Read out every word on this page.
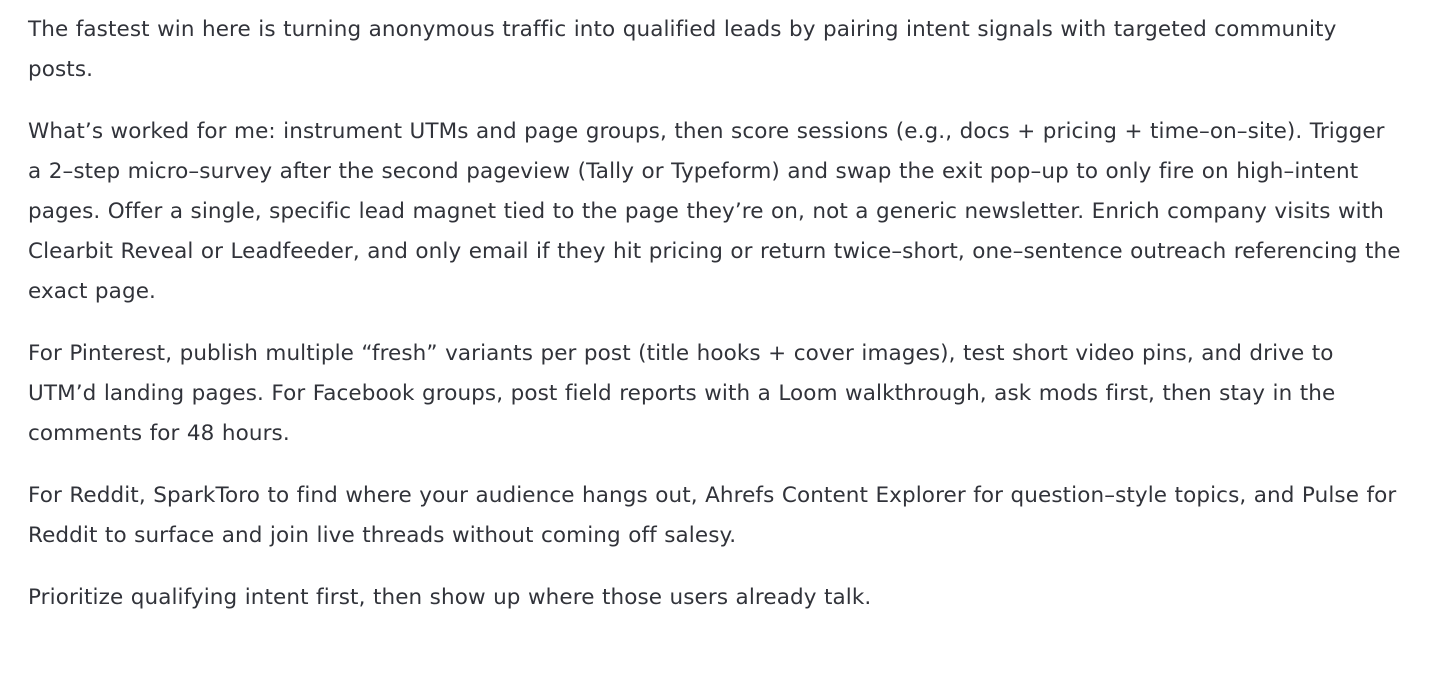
The fastest win here is turning anonymous traffic into qualified leads by pairing intent signals with targeted community posts.

What’s worked for me: instrument UTMs and page groups, then score sessions (e.g., docs + pricing + time–on–site). Trigger a 2–step micro–survey after the second pageview (Tally or Typeform) and swap the exit pop–up to only fire on high–intent pages. Offer a single, specific lead magnet tied to the page they’re on, not a generic newsletter. Enrich company visits with Clearbit Reveal or Leadfeeder, and only email if they hit pricing or return twice–short, one–sentence outreach referencing the exact page.

For Pinterest, publish multiple “fresh” variants per post (title hooks + cover images), test short video pins, and drive to UTM’d landing pages. For Facebook groups, post field reports with a Loom walkthrough, ask mods first, then stay in the comments for 48 hours.

For Reddit, SparkToro to find where your audience hangs out, Ahrefs Content Explorer for question–style topics, and Pulse for Reddit to surface and join live threads without coming off salesy.

Prioritize qualifying intent first, then show up where those users already talk.
